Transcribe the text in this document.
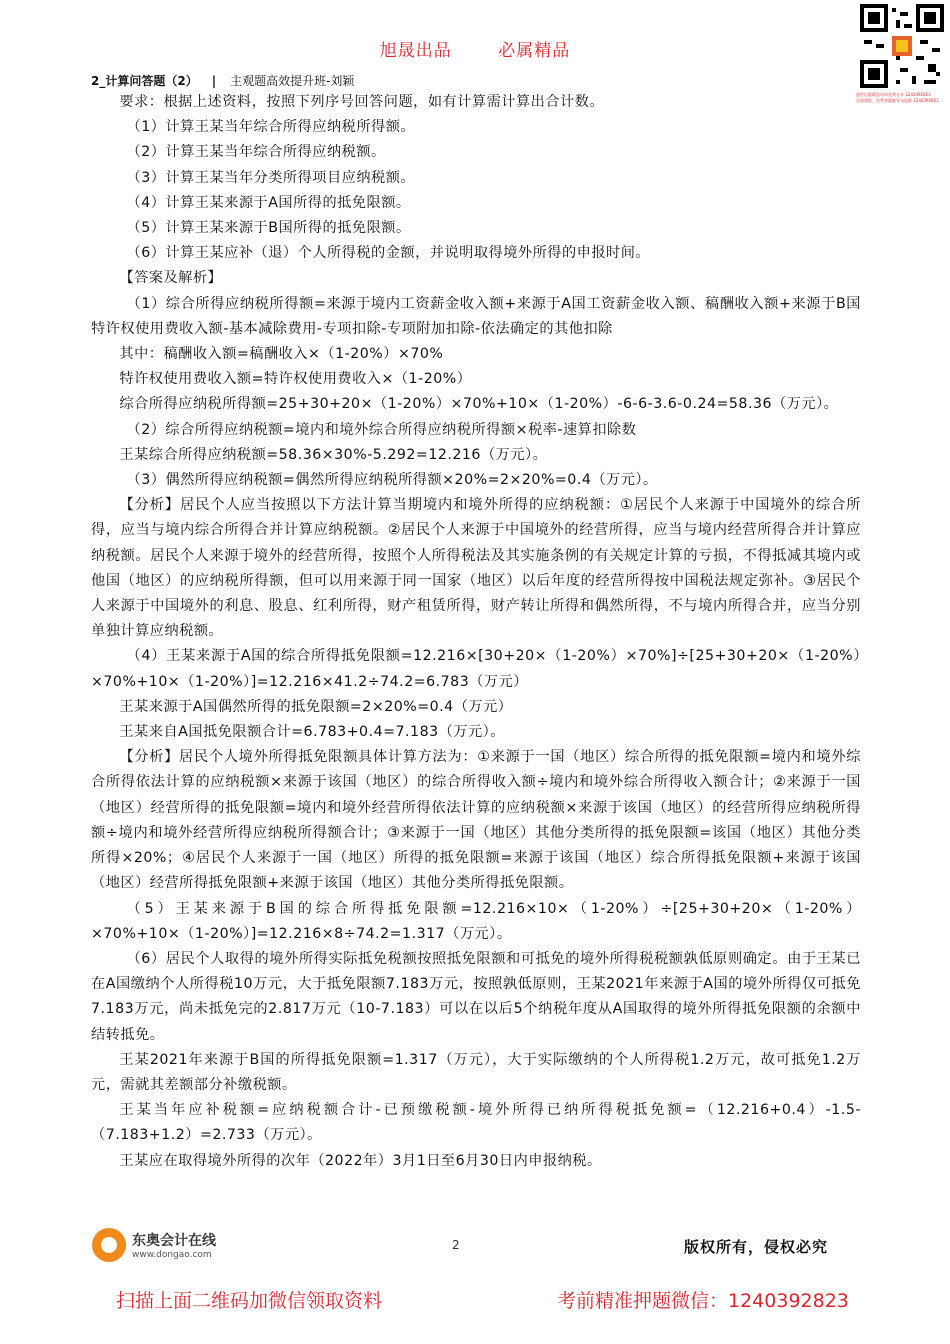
旭晟出品	必属精品
盛世出版精品资料免费分享 1240392823
东奥课程，免费答疑辅导交流群 1240392823
2_计算问答题（2） | 主观题高效提升班-刘颖

要求：根据上述资料，按照下列序号回答问题，如有计算需计算出合计数。

（1）计算王某当年综合所得应纳税所得额。

（2）计算王某当年综合所得应纳税额。

（3）计算王某当年分类所得项目应纳税额。

（4）计算王某来源于A国所得的抵免限额。

（5）计算王某来源于B国所得的抵免限额。

（6）计算王某应补（退）个人所得税的金额，并说明取得境外所得的申报时间。

【答案及解析】

（1）综合所得应纳税所得额=来源于境内工资薪金收入额+来源于A国工资薪金收入额、稿酬收入额+来源于B国特许权使用费收入额-基本减除费用-专项扣除-专项附加扣除-依法确定的其他扣除

其中：稿酬收入额=稿酬收入×（1-20%）×70%

特许权使用费收入额=特许权使用费收入×（1-20%）

综合所得应纳税所得额=25+30+20×（1-20%）×70%+10×（1-20%）-6-6-3.6-0.24=58.36（万元）。

（2）综合所得应纳税额=境内和境外综合所得应纳税所得额×税率-速算扣除数

王某综合所得应纳税额=58.36×30%-5.292=12.216（万元）。

（3）偶然所得应纳税额=偶然所得应纳税所得额×20%=2×20%=0.4（万元）。

【分析】居民个人应当按照以下方法计算当期境内和境外所得的应纳税额：①居民个人来源于中国境外的综合所得，应当与境内综合所得合并计算应纳税额。②居民个人来源于中国境外的经营所得，应当与境内经营所得合并计算应纳税额。居民个人来源于境外的经营所得，按照个人所得税法及其实施条例的有关规定计算的亏损，不得抵减其境内或他国（地区）的应纳税所得额，但可以用来源于同一国家（地区）以后年度的经营所得按中国税法规定弥补。③居民个人来源于中国境外的利息、股息、红利所得，财产租赁所得，财产转让所得和偶然所得，不与境内所得合并，应当分别单独计算应纳税额。

（4）王某来源于A国的综合所得抵免限额=12.216×[30+20×（1-20%）×70%]÷[25+30+20×（1-20%）×70%+10×（1-20%）]=12.216×41.2÷74.2=6.783（万元）

王某来源于A国偶然所得的抵免限额=2×20%=0.4（万元）

王某来自A国抵免限额合计=6.783+0.4=7.183（万元）。

【分析】居民个人境外所得抵免限额具体计算方法为：①来源于一国（地区）综合所得的抵免限额=境内和境外综合所得依法计算的应纳税额×来源于该国（地区）的综合所得收入额÷境内和境外综合所得收入额合计；②来源于一国（地区）经营所得的抵免限额=境内和境外经营所得依法计算的应纳税额×来源于该国（地区）的经营所得应纳税所得额÷境内和境外经营所得应纳税所得额合计；③来源于一国（地区）其他分类所得的抵免限额=该国（地区）其他分类所得×20%；④居民个人来源于一国（地区）所得的抵免限额=来源于该国（地区）综合所得抵免限额+来源于该国（地区）经营所得抵免限额+来源于该国（地区）其他分类所得抵免限额。

（5）王某来源于B国的综合所得抵免限额=12.216×10×（1-20%）÷[25+30+20×（1-20%）×70%+10×（1-20%）]=12.216×8÷74.2=1.317（万元）。

（6）居民个人取得的境外所得实际抵免税额按照抵免限额和可抵免的境外所得税税额孰低原则确定。由于王某已在A国缴纳个人所得税10万元，大于抵免限额7.183万元，按照孰低原则，王某2021年来源于A国的境外所得仅可抵免7.183万元，尚未抵免完的2.817万元（10-7.183）可以在以后5个纳税年度从A国取得的境外所得抵免限额的余额中结转抵免。

王某2021年来源于B国的所得抵免限额=1.317（万元），大于实际缴纳的个人所得税1.2万元，故可抵免1.2万元，需就其差额部分补缴税额。

王某当年应补税额=应纳税额合计-已预缴税额-境外所得已纳所得税抵免额=（12.216+0.4）-1.5-（7.183+1.2）=2.733（万元）。

王某应在取得境外所得的次年（2022年）3月1日至6月30日内申报纳税。

东奥会计在线
www.dongao.com
2	版权所有，侵权必究
扫描上面二维码加微信领取资料	考前精准押题微信：1240392823
